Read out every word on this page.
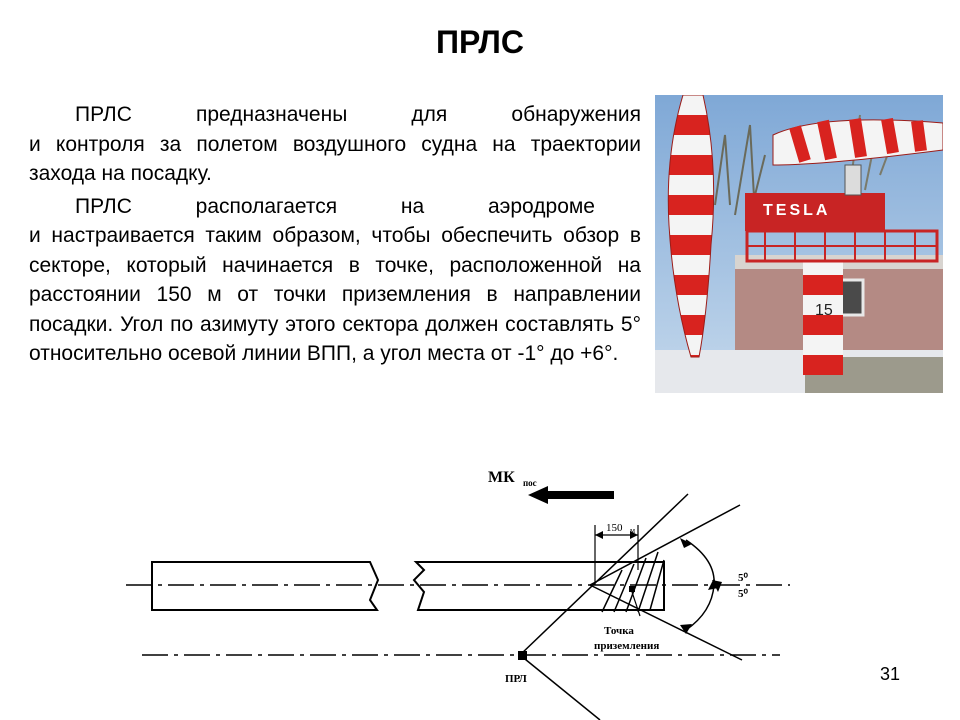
ПРЛС

ПРЛС предназначены для обнаружения
и контроля за полетом воздушного судна на траектории захода на посадку.

ПРЛС располагается на аэродроме
и настраивается таким образом, чтобы обеспечить обзор в секторе, который начинается в точке, расположенной на расстоянии 150 м от точки приземления в направлении посадки. Угол по азимуту этого сектора должен составлять 5° относительно осевой линии ВПП, а угол места от -1° до +6°.

15
TESLA
МК пос
150 м
5⁰
5⁰
Точка
приземления
ПРЛ	31
